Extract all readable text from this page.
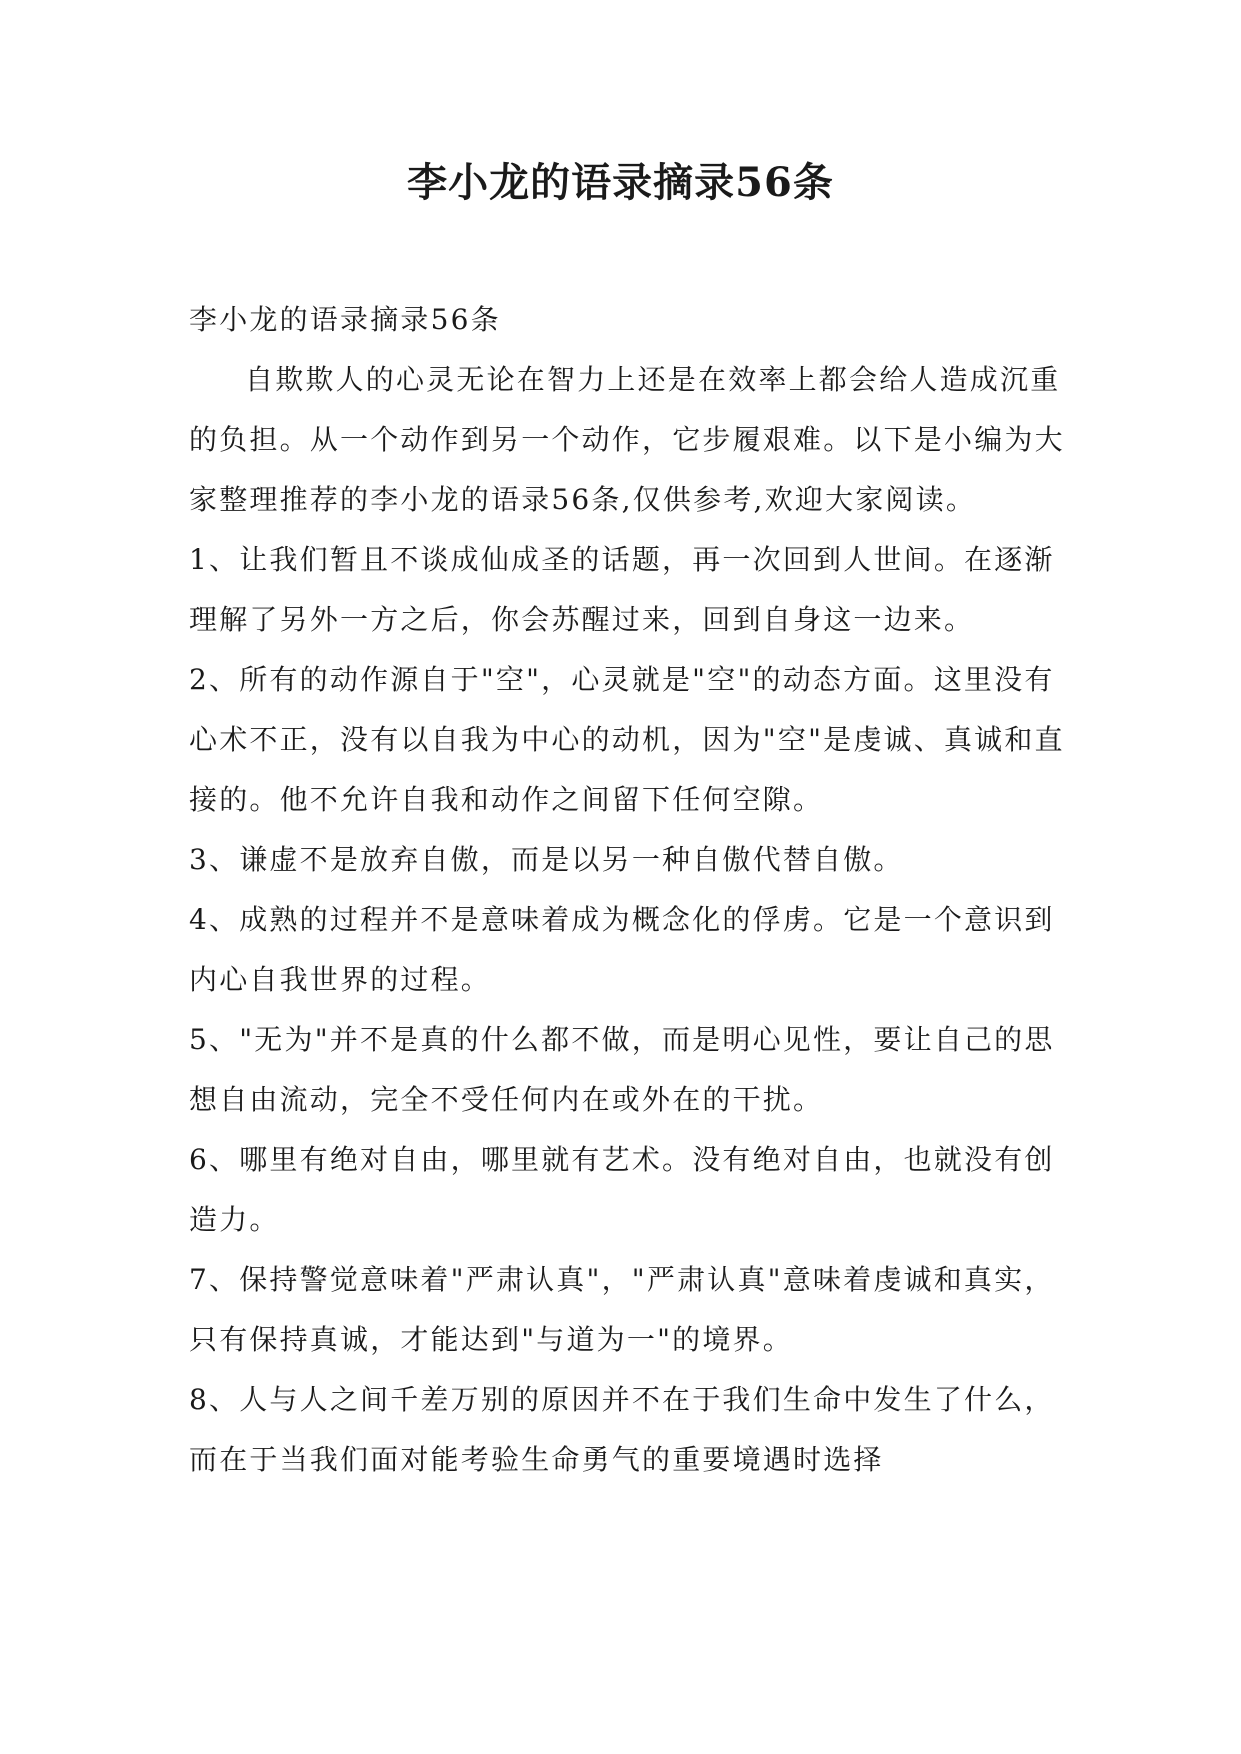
李小龙的语录摘录56条

李小龙的语录摘录56条

自欺欺人的心灵无论在智力上还是在效率上都会给人造成沉重的负担。从一个动作到另一个动作，它步履艰难。以下是小编为大家整理推荐的李小龙的语录56条,仅供参考,欢迎大家阅读。

1、让我们暂且不谈成仙成圣的话题，再一次回到人世间。在逐渐理解了另外一方之后，你会苏醒过来，回到自身这一边来。

2、所有的动作源自于"空"，心灵就是"空"的动态方面。这里没有心术不正，没有以自我为中心的动机，因为"空"是虔诚、真诚和直接的。他不允许自我和动作之间留下任何空隙。

3、谦虚不是放弃自傲，而是以另一种自傲代替自傲。

4、成熟的过程并不是意味着成为概念化的俘虏。它是一个意识到内心自我世界的过程。

5、"无为"并不是真的什么都不做，而是明心见性，要让自己的思想自由流动，完全不受任何内在或外在的干扰。

6、哪里有绝对自由，哪里就有艺术。没有绝对自由，也就没有创造力。

7、保持警觉意味着"严肃认真"，"严肃认真"意味着虔诚和真实，只有保持真诚，才能达到"与道为一"的境界。

8、人与人之间千差万别的原因并不在于我们生命中发生了什么，而在于当我们面对能考验生命勇气的重要境遇时选择
